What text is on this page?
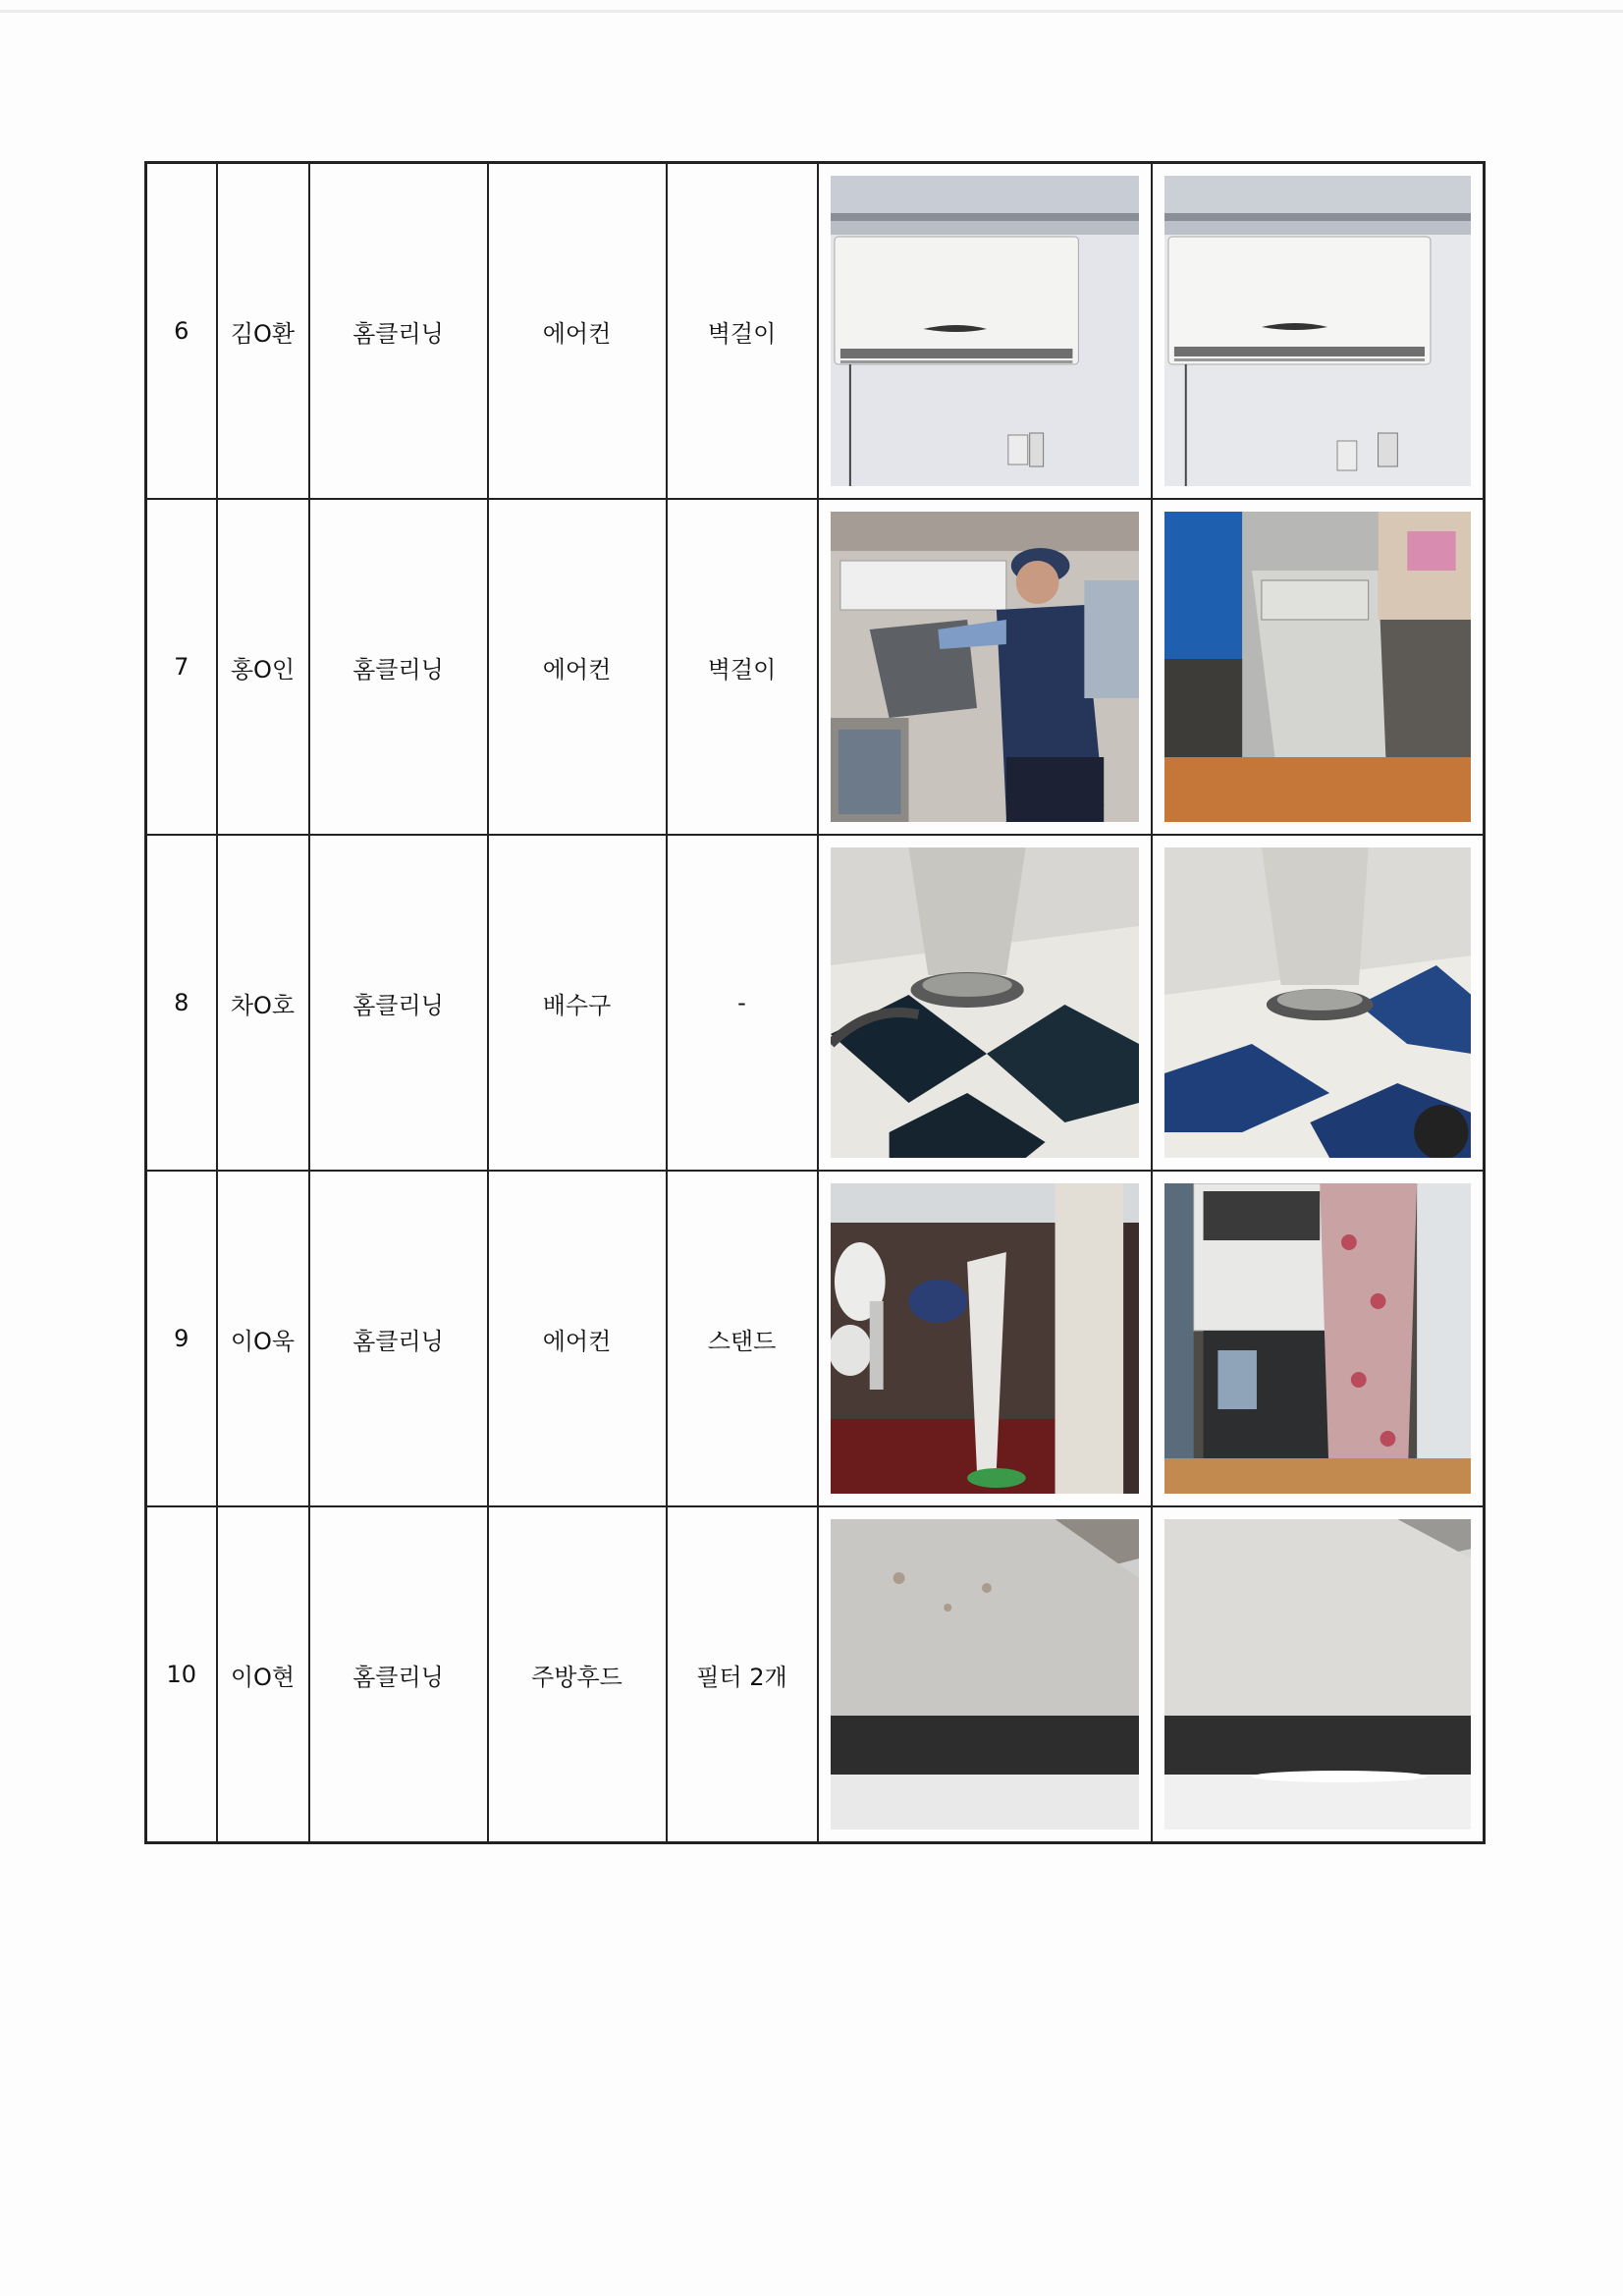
6	김O환	홈클리닝	에어컨	벽걸이	

7	홍O인	홈클리닝	에어컨	벽걸이	

8	차O호	홈클리닝	배수구	-	

9	이O욱	홈클리닝	에어컨	스탠드	

10	이O현	홈클리닝	주방후드	필터 2개	
